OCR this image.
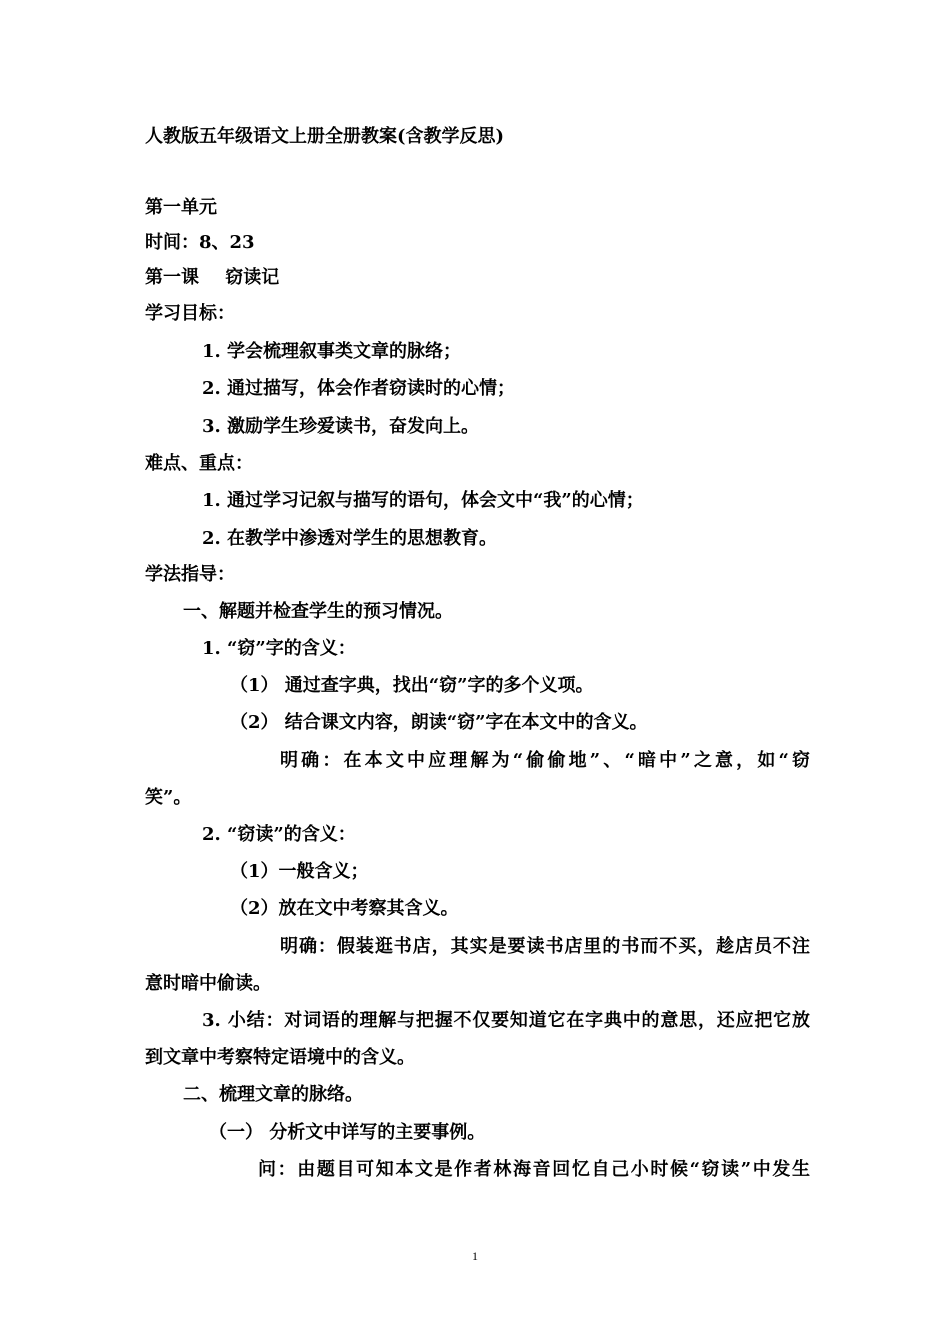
人教版五年级语文上册全册教案(含教学反思)

第一单元

时间：8、23

第一课 窃读记

学习目标：

1. 学会梳理叙事类文章的脉络；

2. 通过描写，体会作者窃读时的心情；

3. 激励学生珍爱读书，奋发向上。

难点、重点：

1. 通过学习记叙与描写的语句，体会文中“我”的心情；

2. 在教学中渗透对学生的思想教育。

学法指导：

一、解题并检查学生的预习情况。

1. “窃”字的含义：

（1） 通过查字典，找出“窃”字的多个义项。

（2） 结合课文内容，朗读“窃”字在本文中的含义。

明确：在本文中应理解为“偷偷地”、“暗中”之意，如“窃

笑”。

2. “窃读”的含义：

（1）一般含义；

（2）放在文中考察其含义。

明确：假装逛书店，其实是要读书店里的书而不买，趁店员不注

意时暗中偷读。

3. 小结：对词语的理解与把握不仅要知道它在字典中的意思，还应把它放

到文章中考察特定语境中的含义。

二、梳理文章的脉络。

（一） 分析文中详写的主要事例。

问：由题目可知本文是作者林海音回忆自己小时候“窃读”中发生

1
